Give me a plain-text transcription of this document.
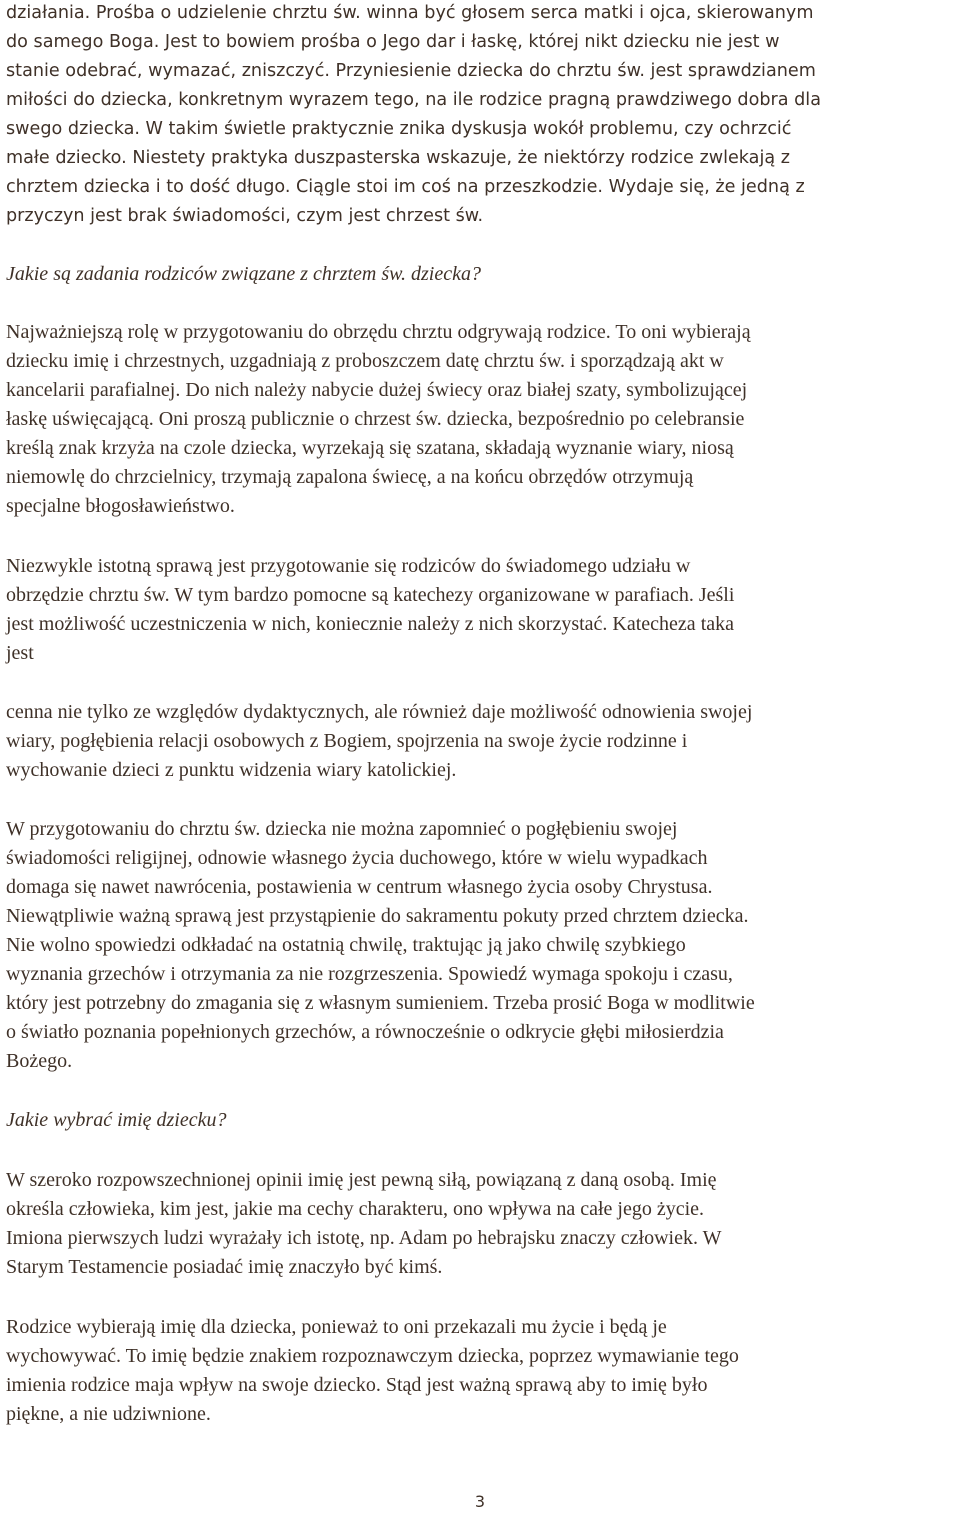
działania. Prośba o udzielenie chrztu św. winna być głosem serca matki i ojca, skierowanym
do samego Boga. Jest to bowiem prośba o Jego dar i łaskę, której nikt dziecku nie jest w
stanie odebrać, wymazać, zniszczyć. Przyniesienie dziecka do chrztu św. jest sprawdzianem
miłości do dziecka, konkretnym wyrazem tego, na ile rodzice pragną prawdziwego dobra dla
swego dziecka. W takim świetle praktycznie znika dyskusja wokół problemu, czy ochrzcić
małe dziecko. Niestety praktyka duszpasterska wskazuje, że niektórzy rodzice zwlekają z
chrztem dziecka i to dość długo. Ciągle stoi im coś na przeszkodzie. Wydaje się, że jedną z
przyczyn jest brak świadomości, czym jest chrzest św.
Jakie są zadania rodziców związane z chrztem św. dziecka?
Najważniejszą rolę w przygotowaniu do obrzędu chrztu odgrywają rodzice. To oni wybierają
dziecku imię i chrzestnych, uzgadniają z proboszczem datę chrztu św. i sporządzają akt w
kancelarii parafialnej. Do nich należy nabycie dużej świecy oraz białej szaty, symbolizującej
łaskę uświęcającą. Oni proszą publicznie o chrzest św. dziecka, bezpośrednio po celebransie
kreślą znak krzyża na czole dziecka, wyrzekają się szatana, składają wyznanie wiary, niosą
niemowlę do chrzcielnicy, trzymają zapalona świecę, a na końcu obrzędów otrzymują
specjalne błogosławieństwo.
Niezwykle istotną sprawą jest przygotowanie się rodziców do świadomego udziału w
obrzędzie chrztu św. W tym bardzo pomocne są katechezy organizowane w parafiach. Jeśli
jest możliwość uczestniczenia w nich, koniecznie należy z nich skorzystać. Katecheza taka
jest
cenna nie tylko ze względów dydaktycznych, ale również daje możliwość odnowienia swojej
wiary, pogłębienia relacji osobowych z Bogiem, spojrzenia na swoje życie rodzinne i
wychowanie dzieci z punktu widzenia wiary katolickiej.
W przygotowaniu do chrztu św. dziecka nie można zapomnieć o pogłębieniu swojej
świadomości religijnej, odnowie własnego życia duchowego, które w wielu wypadkach
domaga się nawet nawrócenia, postawienia w centrum własnego życia osoby Chrystusa.
Niewątpliwie ważną sprawą jest przystąpienie do sakramentu pokuty przed chrztem dziecka.
Nie wolno spowiedzi odkładać na ostatnią chwilę, traktując ją jako chwilę szybkiego
wyznania grzechów i otrzymania za nie rozgrzeszenia. Spowiedź wymaga spokoju i czasu,
który jest potrzebny do zmagania się z własnym sumieniem. Trzeba prosić Boga w modlitwie
o światło poznania popełnionych grzechów, a równocześnie o odkrycie głębi miłosierdzia
Bożego.
Jakie wybrać imię dziecku?
W szeroko rozpowszechnionej opinii imię jest pewną siłą, powiązaną z daną osobą. Imię
określa człowieka, kim jest, jakie ma cechy charakteru, ono wpływa na całe jego życie.
Imiona pierwszych ludzi wyrażały ich istotę, np. Adam po hebrajsku znaczy człowiek. W
Starym Testamencie posiadać imię znaczyło być kimś.
Rodzice wybierają imię dla dziecka, ponieważ to oni przekazali mu życie i będą je
wychowywać. To imię będzie znakiem rozpoznawczym dziecka, poprzez wymawianie tego
imienia rodzice maja wpływ na swoje dziecko. Stąd jest ważną sprawą aby to imię było
piękne, a nie udziwnione.
3
